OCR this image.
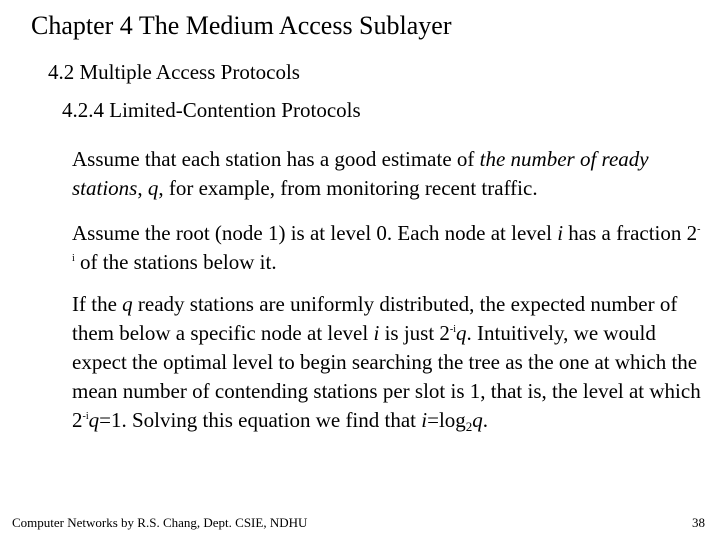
Chapter 4 The Medium Access Sublayer
4.2 Multiple Access Protocols
4.2.4 Limited-Contention Protocols
Assume that each station has a good estimate of the number of ready stations, q, for example, from monitoring recent traffic.
Assume the root (node 1) is at level 0. Each node at level i has a fraction $2^{-i}$ of the stations below it.
If the q ready stations are uniformly distributed, the expected number of them below a specific node at level i is just $2^{-i}q$. Intuitively, we would expect the optimal level to begin searching the tree as the one at which the mean number of contending stations per slot is 1, that is, the level at which $2^{-i}q=1$. Solving this equation we find that $i=\log_2q$.
Computer Networks by R.S. Chang, Dept. CSIE, NDHU	38
